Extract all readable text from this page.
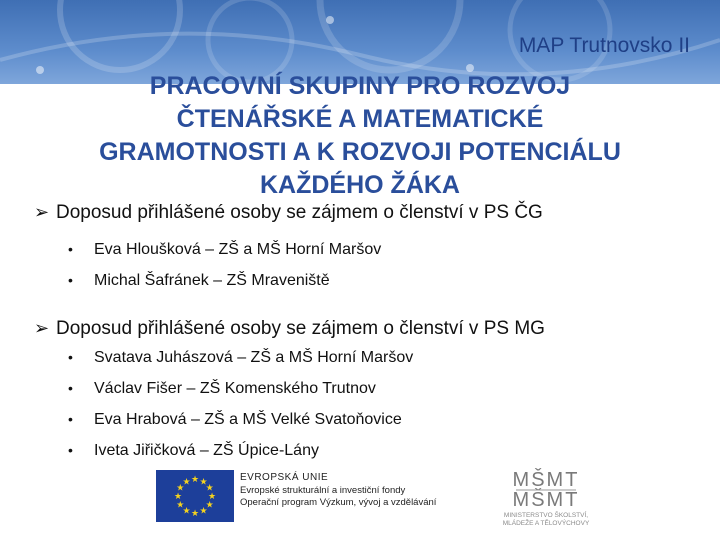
MAP Trutnovsko II
PRACOVNÍ SKUPINY PRO ROZVOJ
ČTENÁŘSKÉ A MATEMATICKÉ
GRAMOTNOSTI A K ROZVOJI POTENCIÁLU
KAŽDÉHO ŽÁKA
➢ Doposud přihlášené osoby se zájmem o členství v PS ČG
• Eva Hloušková – ZŠ a MŠ Horní Maršov
• Michal Šafránek – ZŠ Mraveniště
➢ Doposud přihlášené osoby se zájmem o členství v PS MG
• Svatava Juhászová – ZŠ a MŠ Horní Maršov
• Václav Fišer – ZŠ Komenského Trutnov
• Eva Hrabová – ZŠ a MŠ Velké Svatoňovice
• Iveta Jiřičková – ZŠ Úpice-Lány
★ ★
★
★
★
★
★
★
★
★
★
★	EVROPSKÁ UNIE
Evropské strukturální a investiční fondy
Operační program Výzkum, vývoj a vzdělávání
MŠMT
MŠMT
MINISTERSTVO ŠKOLSTVÍ,
MLÁDEŽE A TĚLOVÝCHOVY
